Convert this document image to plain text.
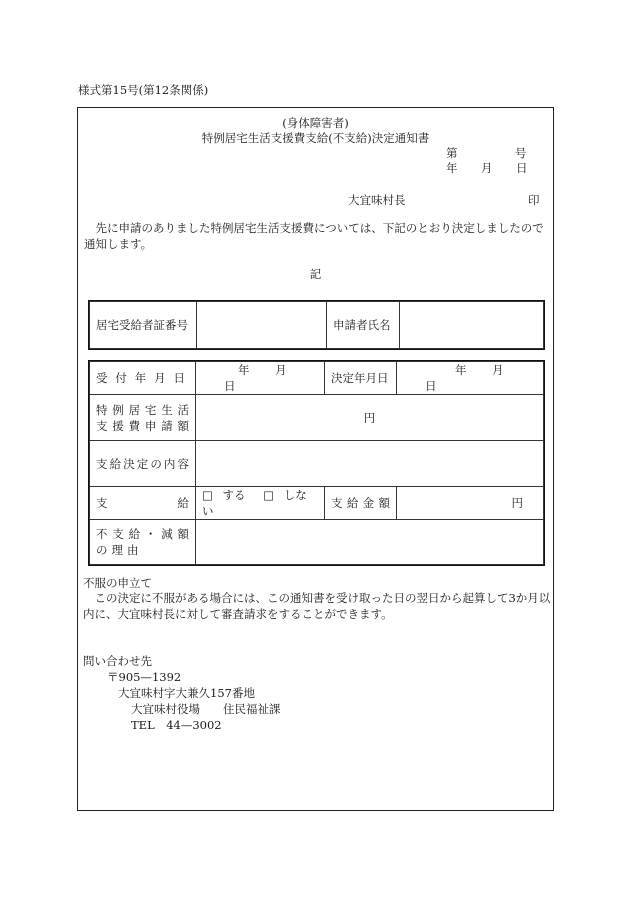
様式第15号(第12条関係)
(身体障害者)
特例居宅生活支援費支給(不支給)決定通知書
第	号
年 月 日
大宜味村長	印
先に申請のありました特例居宅生活支援費については、下記のとおり決定しましたので通知します。
記
居宅受給者証番号		申請者氏名	
受付年月日	年 月 日	決定年月日	年 月 日

特例居宅生活
支援費申請額	円		

支給決定の内容			

支 給	□ する □ しない	支給金額	円

不支給・減額
の理由			

不服の申立て
この決定に不服がある場合には、この通知書を受け取った日の翌日から起算して3か月以内に、大宜味村長に対して審査請求をすることができます。
問い合わせ先
〒905—1392
大宜味村字大兼久157番地
大宜味村役場　　住民福祉課
TEL　44—3002
